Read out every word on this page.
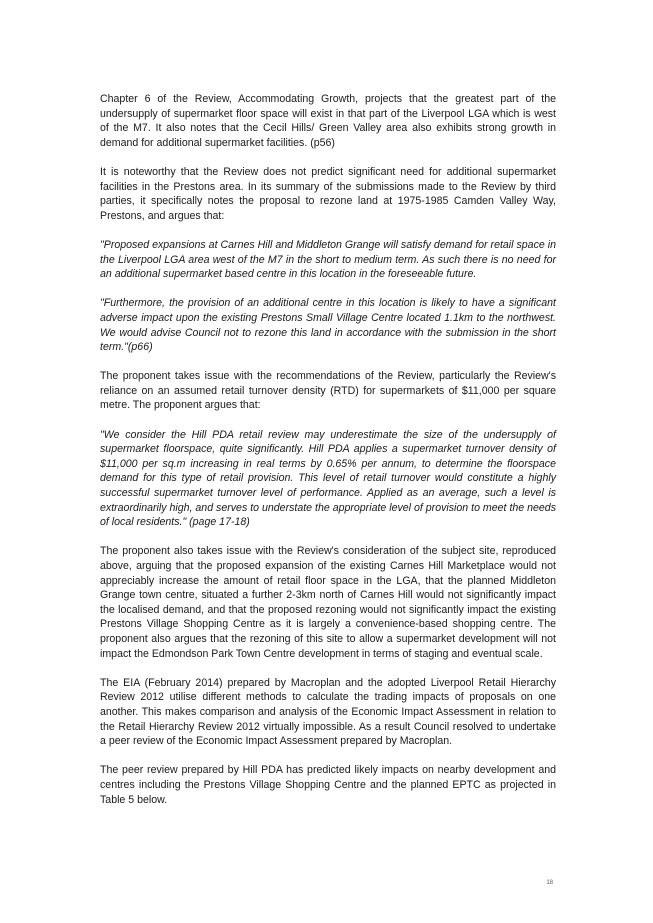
Chapter 6 of the Review, Accommodating Growth, projects that the greatest part of the undersupply of supermarket floor space will exist in that part of the Liverpool LGA which is west of the M7. It also notes that the Cecil Hills/ Green Valley area also exhibits strong growth in demand for additional supermarket facilities. (p56)

It is noteworthy that the Review does not predict significant need for additional supermarket facilities in the Prestons area. In its summary of the submissions made to the Review by third parties, it specifically notes the proposal to rezone land at 1975-1985 Camden Valley Way, Prestons, and argues that:

"Proposed expansions at Carnes Hill and Middleton Grange will satisfy demand for retail space in the Liverpool LGA area west of the M7 in the short to medium term. As such there is no need for an additional supermarket based centre in this location in the foreseeable future.

"Furthermore, the provision of an additional centre in this location is likely to have a significant adverse impact upon the existing Prestons Small Village Centre located 1.1km to the northwest. We would advise Council not to rezone this land in accordance with the submission in the short term."(p66)

The proponent takes issue with the recommendations of the Review, particularly the Review's reliance on an assumed retail turnover density (RTD) for supermarkets of $11,000 per square metre. The proponent argues that:

"We consider the Hill PDA retail review may underestimate the size of the undersupply of supermarket floorspace, quite significantly. Hill PDA applies a supermarket turnover density of $11,000 per sq.m increasing in real terms by 0.65% per annum, to determine the floorspace demand for this type of retail provision. This level of retail turnover would constitute a highly successful supermarket turnover level of performance. Applied as an average, such a level is extraordinarily high, and serves to understate the appropriate level of provision to meet the needs of local residents." (page 17-18)

The proponent also takes issue with the Review's consideration of the subject site, reproduced above, arguing that the proposed expansion of the existing Carnes Hill Marketplace would not appreciably increase the amount of retail floor space in the LGA, that the planned Middleton Grange town centre, situated a further 2-3km north of Carnes Hill would not significantly impact the localised demand, and that the proposed rezoning would not significantly impact the existing Prestons Village Shopping Centre as it is largely a convenience-based shopping centre. The proponent also argues that the rezoning of this site to allow a supermarket development will not impact the Edmondson Park Town Centre development in terms of staging and eventual scale.

The EIA (February 2014) prepared by Macroplan and the adopted Liverpool Retail Hierarchy Review 2012 utilise different methods to calculate the trading impacts of proposals on one another. This makes comparison and analysis of the Economic Impact Assessment in relation to the Retail Hierarchy Review 2012 virtually impossible. As a result Council resolved to undertake a peer review of the Economic Impact Assessment prepared by Macroplan.

The peer review prepared by Hill PDA has predicted likely impacts on nearby development and centres including the Prestons Village Shopping Centre and the planned EPTC as projected in Table 5 below.

18
